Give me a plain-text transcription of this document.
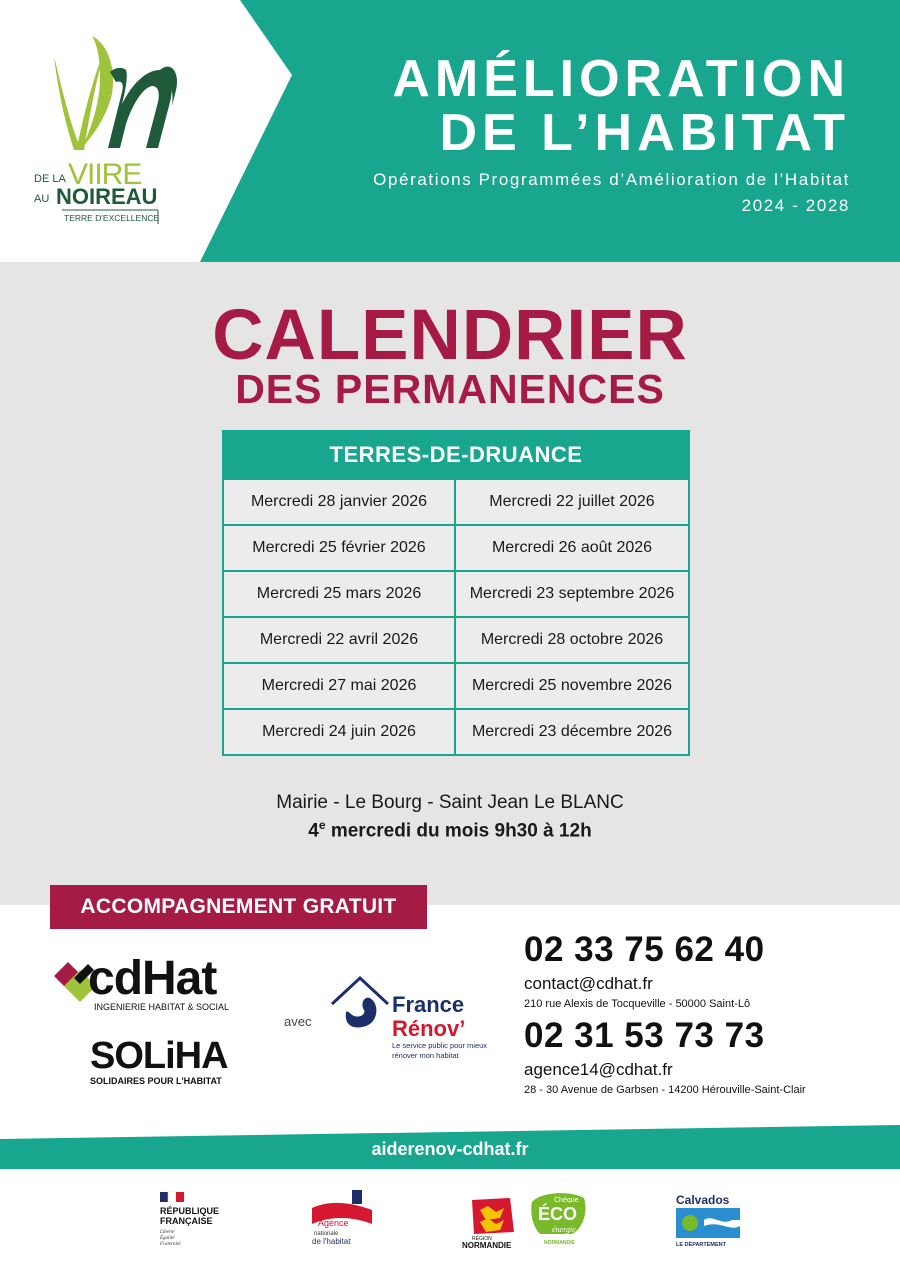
DE LA VIIRE
AU NOIREAU
TERRE D'EXCELLENCE
AMÉLIORATION
DE L’HABITAT
Opérations Programmées d’Amélioration de l’Habitat
2024 - 2028
CALENDRIER
DES PERMANENCES
TERRES-DE-DRUANCE
Mercredi 28 janvier 2026	Mercredi 22 juillet 2026
Mercredi 25 février 2026	Mercredi 26 août 2026
Mercredi 25 mars 2026	Mercredi 23 septembre 2026
Mercredi 22 avril 2026	Mercredi 28 octobre 2026
Mercredi 27 mai 2026	Mercredi 25 novembre 2026
Mercredi 24 juin 2026	Mercredi 23 décembre 2026
Mairie - Le Bourg - Saint Jean Le BLANC
4e mercredi du mois 9h30 à 12h
ACCOMPAGNEMENT GRATUIT
cdHat
INGENIERIE HABITAT & SOCIAL
SOLiHA
SOLIDAIRES POUR L'HABITAT
avec
France
Rénov’
Le service public pour mieux
rénover mon habitat
02 33 75 62 40
contact@cdhat.fr
210 rue Alexis de Tocqueville - 50000 Saint-Lô
02 31 53 73 73
agence14@cdhat.fr
28 - 30 Avenue de Garbsen - 14200 Hérouville-Saint-Clair
aiderenov-cdhat.fr
RÉPUBLIQUE
FRANÇAISE
Liberté
Égalité
Fraternité
Agence
nationale
de l'habitat	RÉGION
NORMANDIE
Chèque
ÉCO
énergie
NORMANDIE
Calvados
LE DÉPARTEMENT
